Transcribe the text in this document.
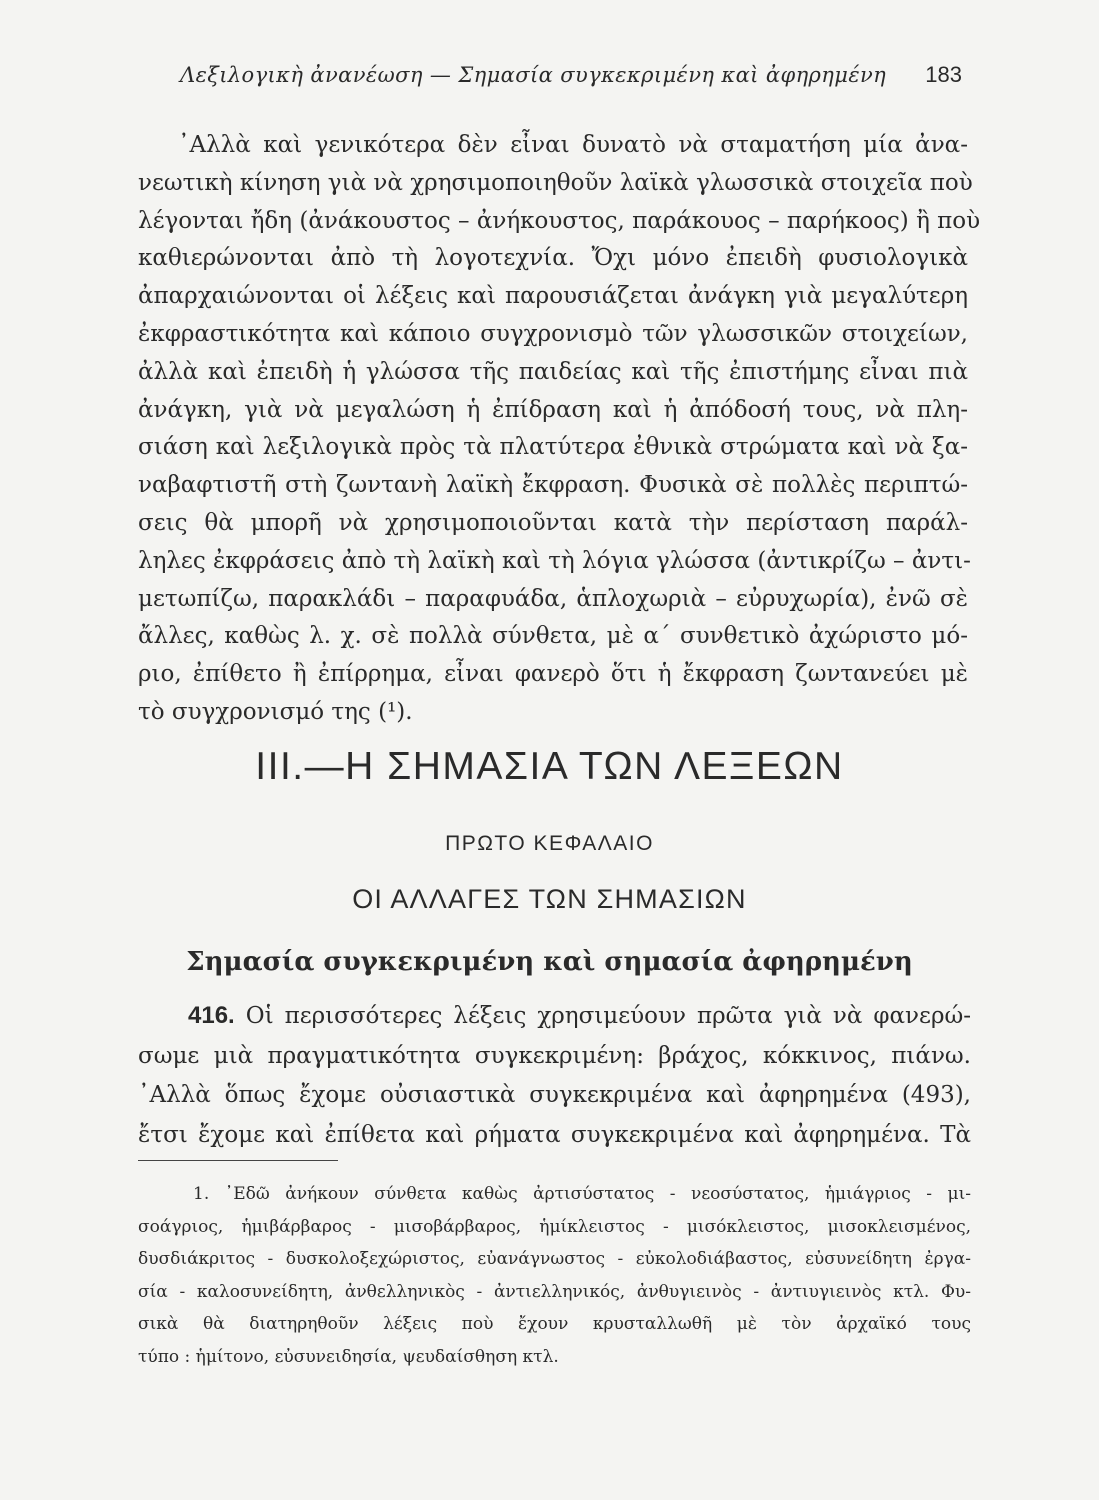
Λεξιλογικὴ ἀνανέωση — Σημασία συγκεκριμένη καὶ ἀφηρημένη 183

᾿Αλλὰ καὶ γενικότερα δὲν εἶναι δυνατὸ νὰ σταματήση μία ἀνα-
νεωτικὴ κίνηση γιὰ νὰ χρησιμοποιηθοῦν λαϊκὰ γλωσσικὰ στοιχεῖα ποὺ
λέγονται ἤδη (ἀνάκουστος – ἀνήκουστος, παράκουος – παρήκοος) ἢ ποὺ
καθιερώνονται ἀπὸ τὴ λογοτεχνία. Ὄχι μόνο ἐπειδὴ φυσιολογικὰ
ἀπαρχαιώνονται οἱ λέξεις καὶ παρουσιάζεται ἀνάγκη γιὰ μεγαλύτερη
ἐκφραστικότητα καὶ κάποιο συγχρονισμὸ τῶν γλωσσικῶν στοιχείων,
ἀλλὰ καὶ ἐπειδὴ ἡ γλώσσα τῆς παιδείας καὶ τῆς ἐπιστήμης εἶναι πιὰ
ἀνάγκη, γιὰ νὰ μεγαλώση ἡ ἐπίδραση καὶ ἡ ἀπόδοσή τους, νὰ πλη-
σιάση καὶ λεξιλογικὰ πρὸς τὰ πλατύτερα ἐθνικὰ στρώματα καὶ νὰ ξα-
ναβαφτιστῆ στὴ ζωντανὴ λαϊκὴ ἔκφραση. Φυσικὰ σὲ πολλὲς περιπτώ-
σεις θὰ μπορῆ νὰ χρησιμοποιοῦνται κατὰ τὴν περίσταση παράλ-
ληλες ἐκφράσεις ἀπὸ τὴ λαϊκὴ καὶ τὴ λόγια γλώσσα (ἀντικρίζω – ἀντι-
μετωπίζω, παρακλάδι – παραφυάδα, ἁπλοχωριὰ – εὐρυχωρία), ἐνῶ σὲ
ἄλλες, καθὼς λ. χ. σὲ πολλὰ σύνθετα, μὲ α΄ συνθετικὸ ἀχώριστο μό-
ριο, ἐπίθετο ἢ ἐπίρρημα, εἶναι φανερὸ ὅτι ἡ ἔκφραση ζωντανεύει μὲ
τὸ συγχρονισμό της (¹).

III.—Η ΣΗΜΑΣΙΑ ΤΩΝ ΛΕΞΕΩΝ
ΠΡΩΤΟ ΚΕΦΑΛΑΙΟ
ΟΙ ΑΛΛΑΓΕΣ ΤΩΝ ΣΗΜΑΣΙΩΝ
Σημασία συγκεκριμένη καὶ σημασία ἀφηρημένη

416. Οἱ περισσότερες λέξεις χρησιμεύουν πρῶτα γιὰ νὰ φανερώ-
σωμε μιὰ πραγματικότητα συγκεκριμένη: βράχος, κόκκινος, πιάνω.
᾿Αλλὰ ὅπως ἔχομε οὐσιαστικὰ συγκεκριμένα καὶ ἀφηρημένα (493),
ἔτσι ἔχομε καὶ ἐπίθετα καὶ ρήματα συγκεκριμένα καὶ ἀφηρημένα. Τὰ

1. ᾿Εδῶ ἀνήκουν σύνθετα καθὼς ἀρτισύστατος - νεοσύστατος, ἡμιάγριος - μι-
σοάγριος, ἡμιβάρβαρος - μισοβάρβαρος, ἡμίκλειστος - μισόκλειστος, μισοκλεισμένος,
δυσδιάκριτος - δυσκολοξεχώριστος, εὐανάγνωστος - εὐκολοδιάβαστος, εὐσυνείδητη ἐργα-
σία - καλοσυνείδητη, ἀνθελληνικὸς - ἀντιελληνικός, ἀνθυγιεινὸς - ἀντιυγιεινὸς κτλ. Φυ-
σικὰ θὰ διατηρηθοῦν λέξεις ποὺ ἔχουν κρυσταλλωθῆ μὲ τὸν ἀρχαϊκό τους
τύπο : ἡμίτονο, εὐσυνειδησία, ψευδαίσθηση κτλ.
